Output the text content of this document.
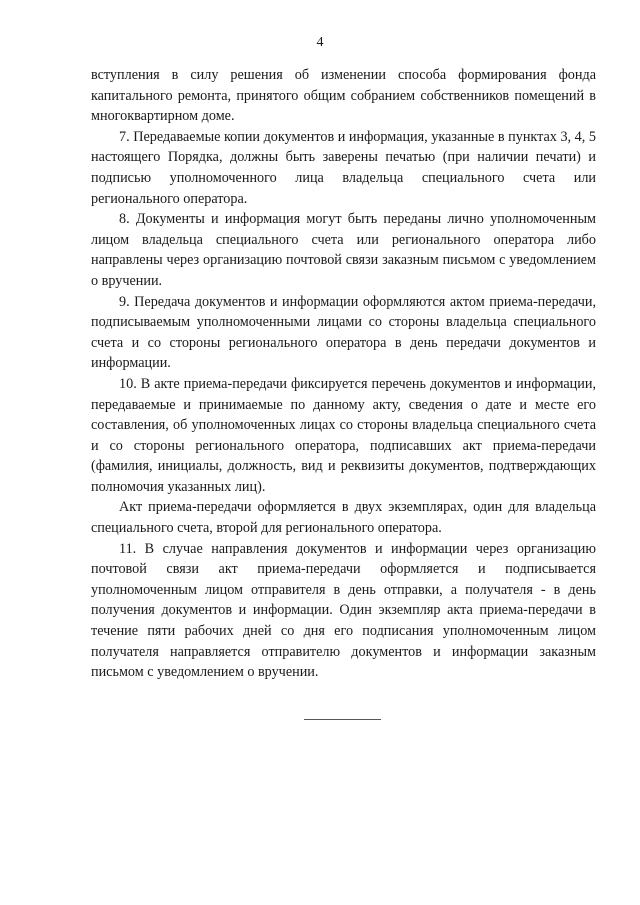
4

вступления в силу решения об изменении способа формирования фонда капитального ремонта, принятого общим собранием собственников помещений в многоквартирном доме.

7. Передаваемые копии документов и информация, указанные в пунктах 3, 4, 5 настоящего Порядка, должны быть заверены печатью (при наличии печати) и подписью уполномоченного лица владельца специального счета или регионального оператора.

8. Документы и информация могут быть переданы лично уполномоченным лицом владельца специального счета или регионального оператора либо направлены через организацию почтовой связи заказным письмом с уведомлением о вручении.

9. Передача документов и информации оформляются актом приема-передачи, подписываемым уполномоченными лицами со стороны владельца специального счета и со стороны регионального оператора в день передачи документов и информации.

10. В акте приема-передачи фиксируется перечень документов и информации, передаваемые и принимаемые по данному акту, сведения о дате и месте его составления, об уполномоченных лицах со стороны владельца специального счета и со стороны регионального оператора, подписавших акт приема-передачи (фамилия, инициалы, должность, вид и реквизиты документов, подтверждающих полномочия указанных лиц).

Акт приема-передачи оформляется в двух экземплярах, один для владельца специального счета, второй для регионального оператора.

11. В случае направления документов и информации через организацию почтовой связи акт приема-передачи оформляется и подписывается уполномоченным лицом отправителя в день отправки, а получателя - в день получения документов и информации. Один экземпляр акта приема-передачи в течение пяти рабочих дней со дня его подписания уполномоченным лицом получателя направляется отправителю документов и информации заказным письмом с уведомлением о вручении.
